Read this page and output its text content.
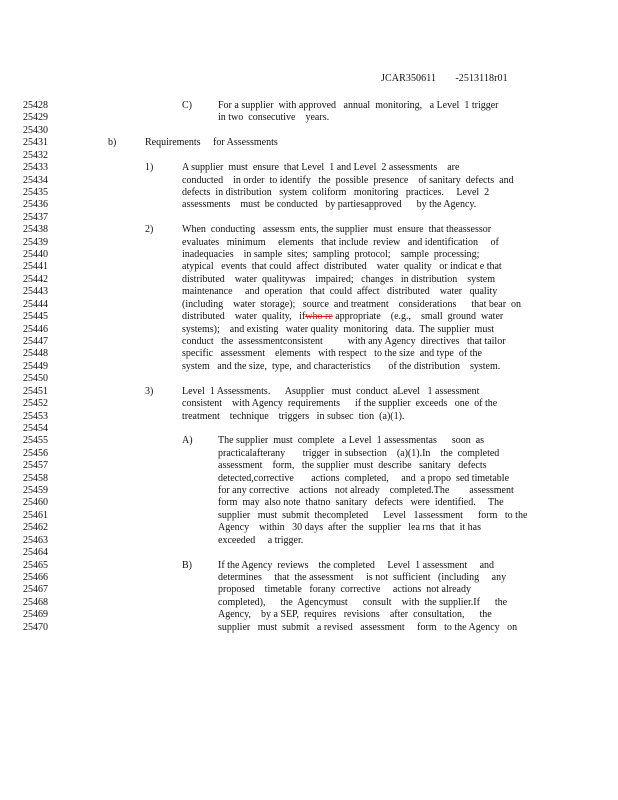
JCAR350611 -2513118r01
25428	C)	For a supplier  with approved   annual  monitoring,   a Level  1 trigger
25429	in two  consecutive    years.
25430
25431	b)	Requirements     for Assessments
25432
25433	1)	A supplier  must  ensure  that Level  1 and Level  2 assessments    are
25434	conducted    in order  to identify   the  possible  presence    of sanitary  defects  and
25435	defects  in distribution   system  coliform   monitoring   practices.     Level  2
25436	assessments    must  be conducted   by partiesapproved      by the Agency.
25437
25438	2)	When  conducting   assessm  ents, the supplier  must  ensure  that theassessor
25439	evaluates   minimum     elements   that include  review   and identification     of
25440	inadequacies    in sample  sites;  sampling  protocol;    sample  processing;
25441	atypical   events  that could  affect  distributed    water  quality   or indicat e that
25442	distributed    water  qualitywas    impaired;   changes   in distribution    system
25443	maintenance     and  operation   that  could  affect   distributed    water   quality
25444	(including    water  storage);   source  and treatment    considerations      that bear  on
25445	distributed    water  quality,   ifwho re appropriate    (e.g.,    small  ground  water
25446	systems);    and existing   water quality  monitoring   data.  The supplier  must
25447	conduct   the  assessmentconsistent          with any Agency  directives   that tailor
25448	specific   assessment    elements   with respect   to the size  and type  of the
25449	system   and the size,  type,  and characteristics       of the distribution    system.
25450
25451	3)	Level  1 Assessments.      Asupplier   must  conduct  aLevel   1 assessment
25452	consistent    with Agency  requirements      if the supplier  exceeds   one  of the
25453	treatment    technique    triggers   in subsec  tion  (a)(1).
25454
25455	A)	The supplier  must  complete   a Level  1 assessmentas      soon  as
25456	practicalafterany       trigger  in subsection    (a)(1).In    the  completed
25457	assessment    form,   the supplier  must  describe   sanitary   defects
25458	detected,corrective       actions  completed,     and  a propo  sed timetable
25459	for any corrective    actions   not already    completed.The        assessment
25460	form  may  also note  thatno  sanitary   defects   were  identified.     The
25461	supplier   must  submit  thecompleted      Level   1assessment      form   to the
25462	Agency    within   30 days  after  the  supplier   lea rns  that  it has
25463	exceeded     a trigger.
25464
25465	B)	If the Agency  reviews    the completed     Level  1 assessment     and
25466	determines     that  the assessment     is not  sufficient   (including     any
25467	proposed    timetable   forany  corrective     actions  not already
25468	completed),      the  Agencymust      consult    with  the supplier.If      the
25469	Agency,    by a SEP,  requires   revisions    after  consultation,      the
25470	supplier   must  submit   a revised   assessment     form   to the Agency   on
